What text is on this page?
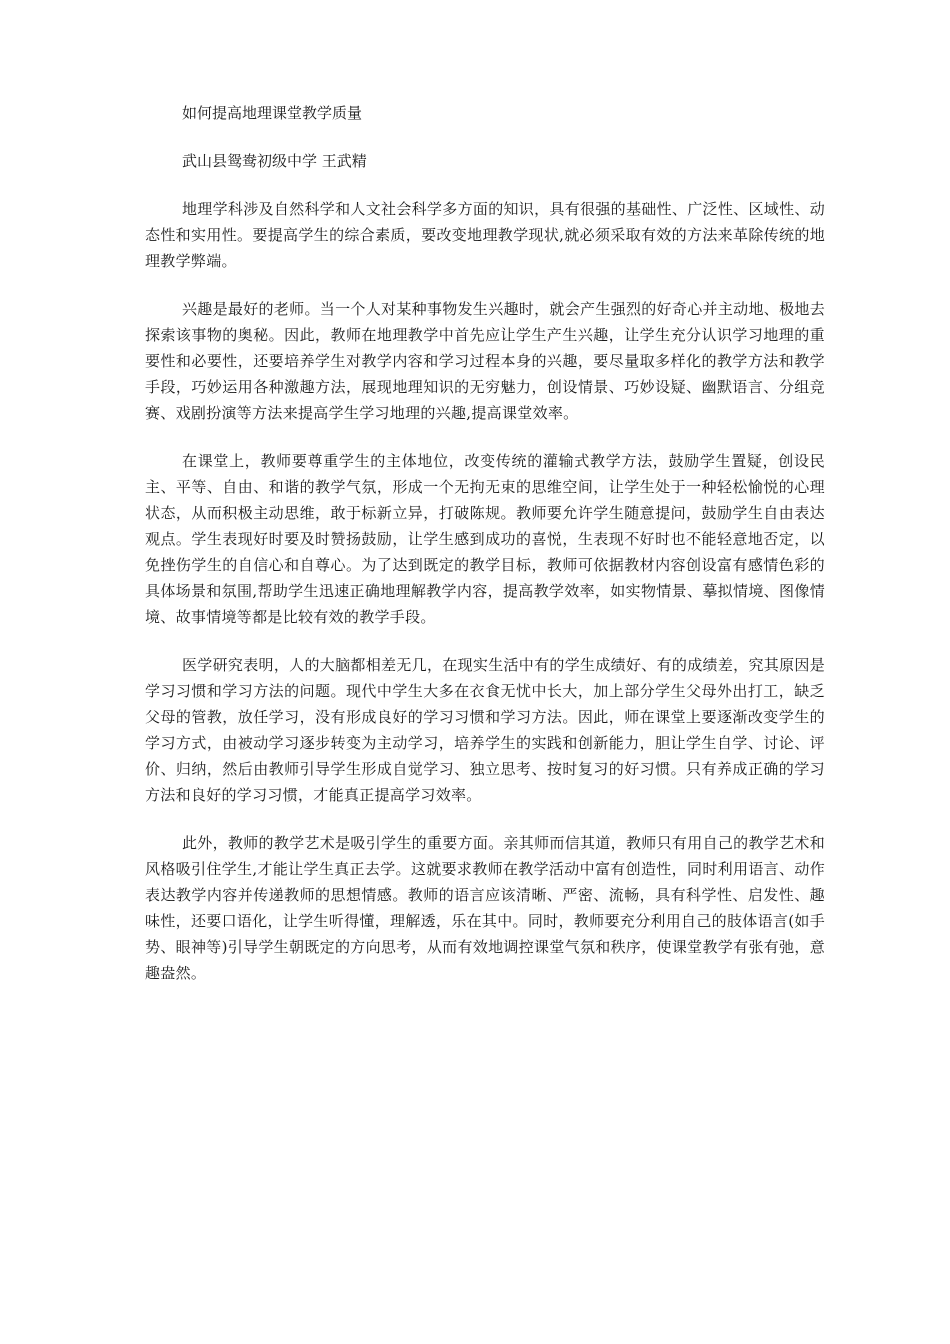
如何提高地理课堂教学质量

武山县鸳鸯初级中学 王武精

地理学科涉及自然科学和人文社会科学多方面的知识，具有很强的基础性、广泛性、区域性、动态性和实用性。要提高学生的综合素质，要改变地理教学现状,就必须采取有效的方法来革除传统的地理教学弊端。

兴趣是最好的老师。当一个人对某种事物发生兴趣时，就会产生强烈的好奇心并主动地、极地去探索该事物的奥秘。因此，教师在地理教学中首先应让学生产生兴趣，让学生充分认识学习地理的重要性和必要性，还要培养学生对教学内容和学习过程本身的兴趣，要尽量取多样化的教学方法和教学手段，巧妙运用各种激趣方法，展现地理知识的无穷魅力，创设情景、巧妙设疑、幽默语言、分组竞赛、戏剧扮演等方法来提高学生学习地理的兴趣,提高课堂效率。

在课堂上，教师要尊重学生的主体地位，改变传统的灌输式教学方法，鼓励学生置疑，创设民主、平等、自由、和谐的教学气氛，形成一个无拘无束的思维空间，让学生处于一种轻松愉悦的心理状态，从而积极主动思维，敢于标新立异，打破陈规。教师要允许学生随意提问，鼓励学生自由表达观点。学生表现好时要及时赞扬鼓励，让学生感到成功的喜悦，生表现不好时也不能轻意地否定，以免挫伤学生的自信心和自尊心。为了达到既定的教学目标，教师可依据教材内容创设富有感情色彩的具体场景和氛围,帮助学生迅速正确地理解教学内容，提高教学效率，如实物情景、摹拟情境、图像情境、故事情境等都是比较有效的教学手段。

医学研究表明，人的大脑都相差无几，在现实生活中有的学生成绩好、有的成绩差，究其原因是学习习惯和学习方法的问题。现代中学生大多在衣食无忧中长大，加上部分学生父母外出打工，缺乏父母的管教，放任学习，没有形成良好的学习习惯和学习方法。因此，师在课堂上要逐渐改变学生的学习方式，由被动学习逐步转变为主动学习，培养学生的实践和创新能力，胆让学生自学、讨论、评价、归纳，然后由教师引导学生形成自觉学习、独立思考、按时复习的好习惯。只有养成正确的学习方法和良好的学习习惯，才能真正提高学习效率。

此外，教师的教学艺术是吸引学生的重要方面。亲其师而信其道，教师只有用自己的教学艺术和风格吸引住学生,才能让学生真正去学。这就要求教师在教学活动中富有创造性，同时利用语言、动作表达教学内容并传递教师的思想情感。教师的语言应该清晰、严密、流畅，具有科学性、启发性、趣味性，还要口语化，让学生听得懂，理解透，乐在其中。同时，教师要充分利用自己的肢体语言(如手势、眼神等)引导学生朝既定的方向思考，从而有效地调控课堂气氛和秩序，使课堂教学有张有弛，意趣盎然。
